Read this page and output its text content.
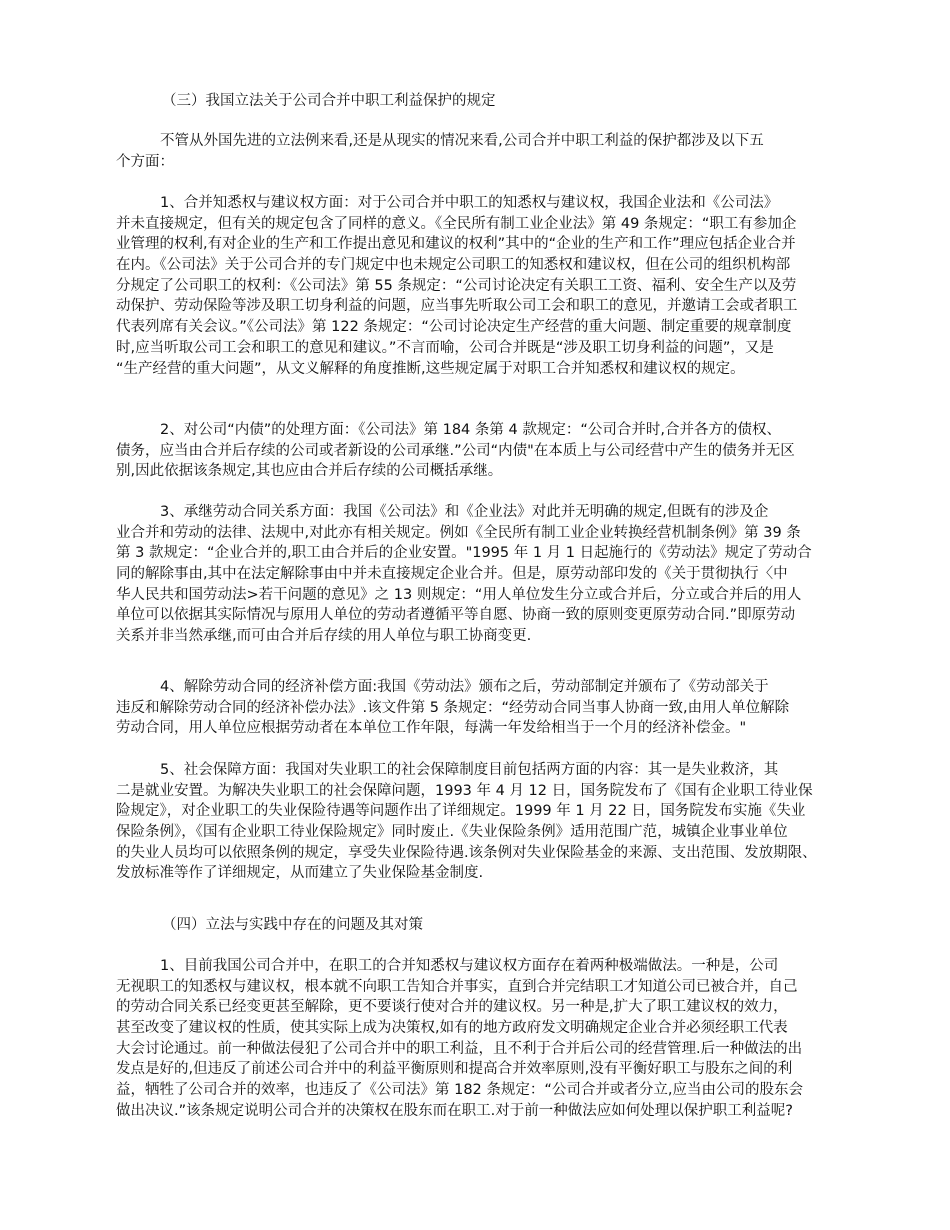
（三）我国立法关于公司合并中职工利益保护的规定
不管从外国先进的立法例来看,还是从现实的情况来看,公司合并中职工利益的保护都涉及以下五
个方面：
1、合并知悉权与建议权方面：对于公司合并中职工的知悉权与建议权，我国企业法和《公司法》
并未直接规定，但有关的规定包含了同样的意义。《全民所有制工业企业法》第 49 条规定：“职工有参加企
业管理的权利,有对企业的生产和工作提出意见和建议的权利”其中的“企业的生产和工作”理应包括企业合并
在内。《公司法》关于公司合并的专门规定中也未规定公司职工的知悉权和建议权，但在公司的组织机构部
分规定了公司职工的权利：《公司法》第 55 条规定：“公司讨论决定有关职工工资、福利、安全生产以及劳
动保护、劳动保险等涉及职工切身利益的问题，应当事先听取公司工会和职工的意见，并邀请工会或者职工
代表列席有关会议。”《公司法》第 122 条规定：“公司讨论决定生产经营的重大问题、制定重要的规章制度
时,应当听取公司工会和职工的意见和建议。”不言而喻，公司合并既是“涉及职工切身利益的问题”，又是
“生产经营的重大问题”，从文义解释的角度推断,这些规定属于对职工合并知悉权和建议权的规定。
2、对公司“内债”的处理方面：《公司法》第 184 条第 4 款规定：“公司合并时,合并各方的债权、
债务，应当由合并后存续的公司或者新设的公司承继.”公司“内债"在本质上与公司经营中产生的债务并无区
别,因此依据该条规定,其也应由合并后存续的公司概括承继。
3、承继劳动合同关系方面：我国《公司法》和《企业法》对此并无明确的规定,但既有的涉及企
业合并和劳动的法律、法规中,对此亦有相关规定。例如《全民所有制工业企业转换经营机制条例》第 39 条
第 3 款规定：“企业合并的,职工由合并后的企业安置。"1995 年 1 月 1 日起施行的《劳动法》规定了劳动合
同的解除事由,其中在法定解除事由中并未直接规定企业合并。但是，原劳动部印发的《关于贯彻执行〈中
华人民共和国劳动法>若干问题的意见》之 13 则规定：“用人单位发生分立或合并后，分立或合并后的用人
单位可以依据其实际情况与原用人单位的劳动者遵循平等自愿、协商一致的原则变更原劳动合同.”即原劳动
关系并非当然承继,而可由合并后存续的用人单位与职工协商变更.
4、解除劳动合同的经济补偿方面:我国《劳动法》颁布之后，劳动部制定并颁布了《劳动部关于
违反和解除劳动合同的经济补偿办法》.该文件第 5 条规定：“经劳动合同当事人协商一致,由用人单位解除
劳动合同，用人单位应根据劳动者在本单位工作年限，每满一年发给相当于一个月的经济补偿金。"
5、社会保障方面：我国对失业职工的社会保障制度目前包括两方面的内容：其一是失业救济，其
二是就业安置。为解决失业职工的社会保障问题，1993 年 4 月 12 日，国务院发布了《国有企业职工待业保
险规定》，对企业职工的失业保险待遇等问题作出了详细规定。1999 年 1 月 22 日，国务院发布实施《失业
保险条例》，《国有企业职工待业保险规定》同时废止.《失业保险条例》适用范围广范，城镇企业事业单位
的失业人员均可以依照条例的规定，享受失业保险待遇.该条例对失业保险基金的来源、支出范围、发放期限、
发放标准等作了详细规定，从而建立了失业保险基金制度.
（四）立法与实践中存在的问题及其对策
1、目前我国公司合并中，在职工的合并知悉权与建议权方面存在着两种极端做法。一种是，公司
无视职工的知悉权与建议权，根本就不向职工告知合并事实，直到合并完结职工才知道公司已被合并，自己
的劳动合同关系已经变更甚至解除，更不要谈行使对合并的建议权。另一种是,扩大了职工建议权的效力，
甚至改变了建议权的性质，使其实际上成为决策权,如有的地方政府发文明确规定企业合并必须经职工代表
大会讨论通过。前一种做法侵犯了公司合并中的职工利益，且不利于合并后公司的经营管理.后一种做法的出
发点是好的,但违反了前述公司合并中的利益平衡原则和提高合并效率原则,没有平衡好职工与股东之间的利
益，牺牲了公司合并的效率，也违反了《公司法》第 182 条规定：“公司合并或者分立,应当由公司的股东会
做出决议.”该条规定说明公司合并的决策权在股东而在职工.对于前一种做法应如何处理以保护职工利益呢?
